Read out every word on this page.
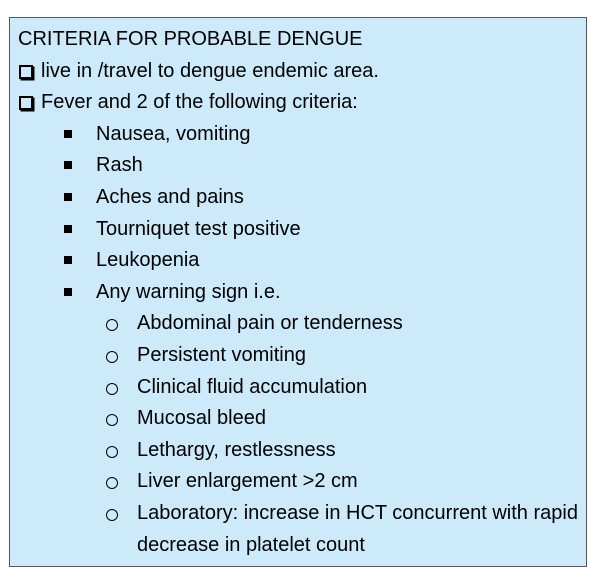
CRITERIA FOR PROBABLE DENGUE
live in /travel to dengue endemic area.
Fever and 2 of the following criteria:
Nausea, vomiting
Rash
Aches and pains
Tourniquet test positive
Leukopenia
Any warning sign i.e.
Abdominal pain or tenderness
Persistent vomiting
Clinical fluid accumulation
Mucosal bleed
Lethargy, restlessness
Liver enlargement >2 cm
Laboratory: increase in HCT concurrent with rapid decrease in platelet count
